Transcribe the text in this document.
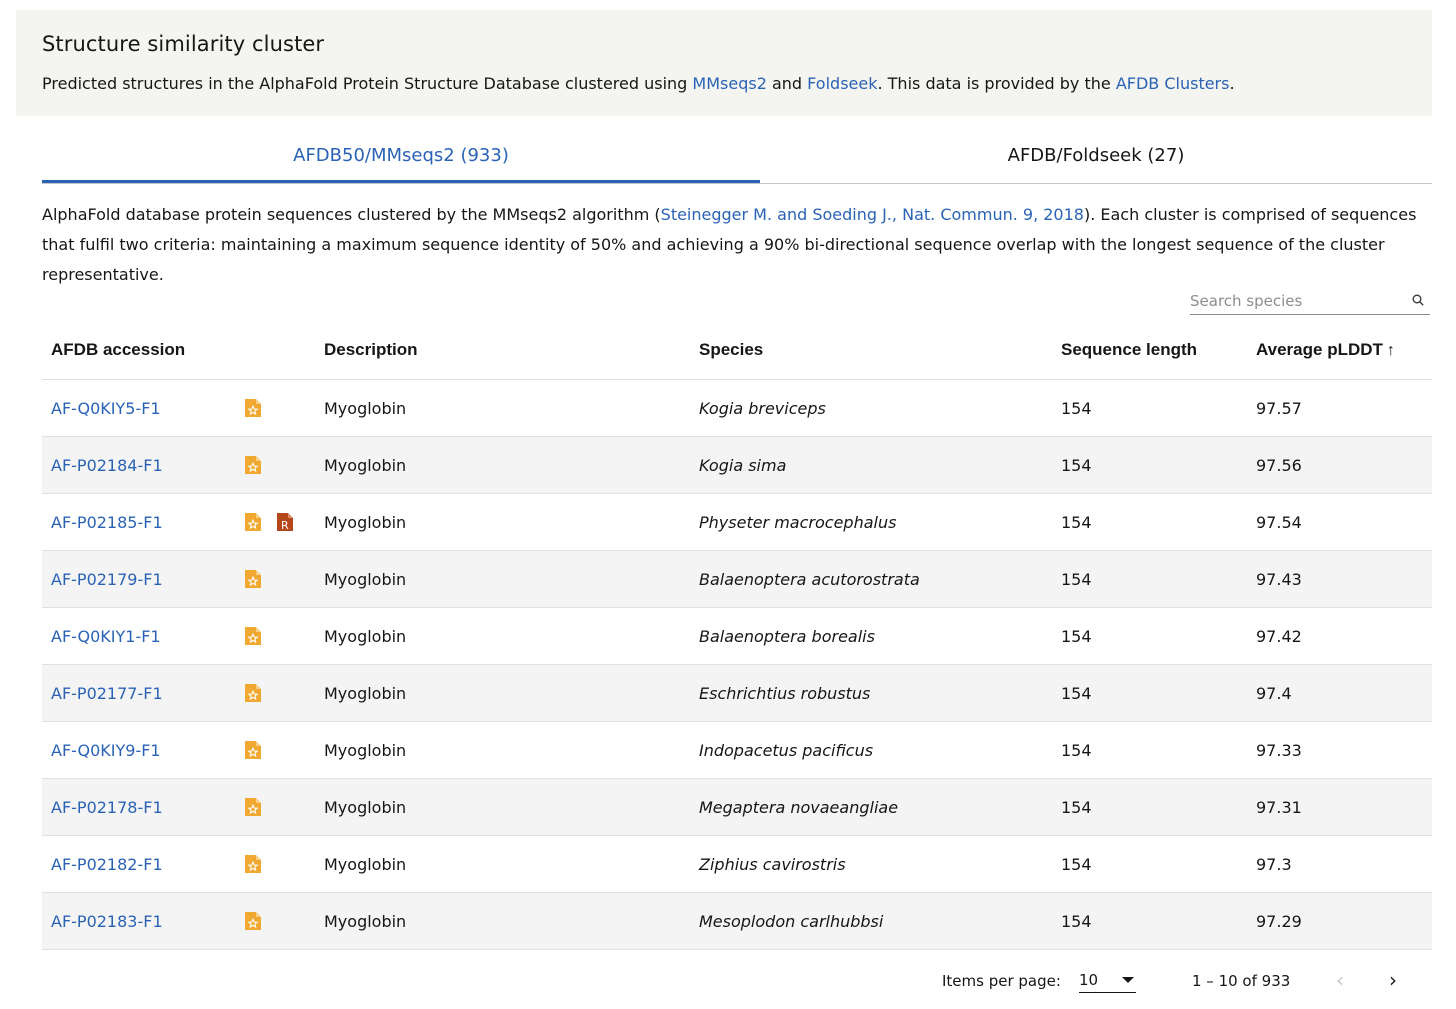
Structure similarity cluster

Predicted structures in the AlphaFold Protein Structure Database clustered using MMseqs2 and Foldseek. This data is provided by the AFDB Clusters.

AFDB50/MMseqs2 (933)	AFDB/Foldseek (27)

AlphaFold database protein sequences clustered by the MMseqs2 algorithm (Steinegger M. and Soeding J., Nat. Commun. 9, 2018). Each cluster is comprised of sequences that fulfil two criteria: maintaining a maximum sequence identity of 50% and achieving a 90% bi-directional sequence overlap with the longest sequence of the cluster representative.

Search species
AFDB accession		Description	Species	Sequence length	Average pLDDT ↑
AF-Q0KIY5-F1		Myoglobin	Kogia breviceps	154	97.57
AF-P02184-F1		Myoglobin	Kogia sima	154	97.56
AF-P02185-F1	R	Myoglobin	Physeter macrocephalus	154	97.54
AF-P02179-F1		Myoglobin	Balaenoptera acutorostrata	154	97.43
AF-Q0KIY1-F1		Myoglobin	Balaenoptera borealis	154	97.42
AF-P02177-F1		Myoglobin	Eschrichtius robustus	154	97.4
AF-Q0KIY9-F1		Myoglobin	Indopacetus pacificus	154	97.33
AF-P02178-F1		Myoglobin	Megaptera novaeangliae	154	97.31
AF-P02182-F1		Myoglobin	Ziphius cavirostris	154	97.3
AF-P02183-F1		Myoglobin	Mesoplodon carlhubbsi	154	97.29
Items per page: 10	1 – 10 of 933 ‹ ›
